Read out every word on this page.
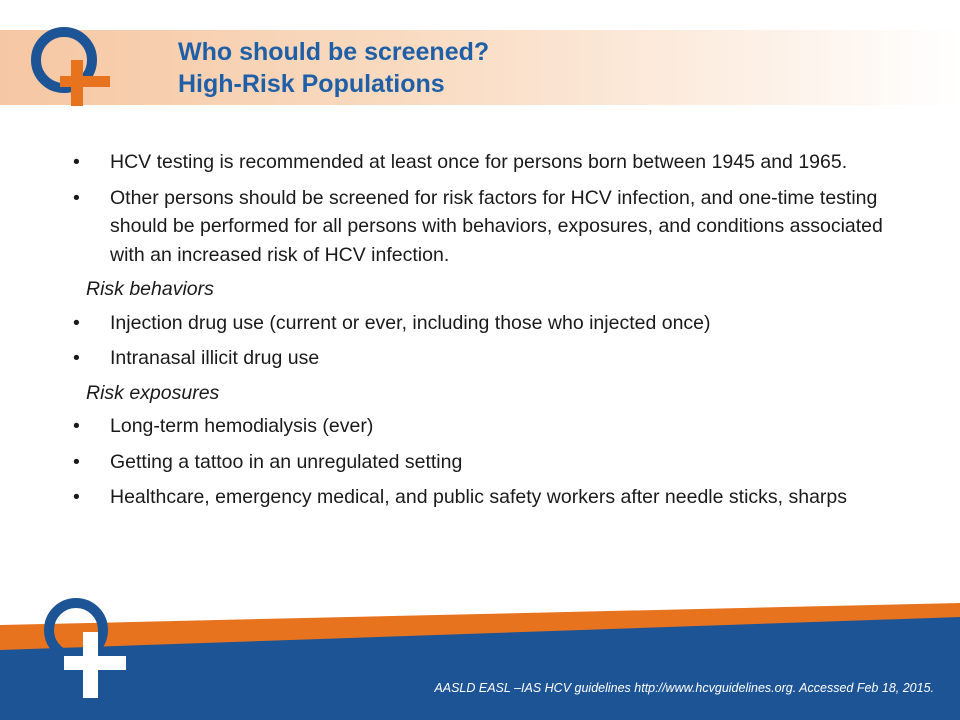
Who should be screened?
High-Risk Populations
•	HCV testing is recommended at least once for persons born between 1945 and 1965.
•	Other persons should be screened for risk factors for HCV infection, and one-time testing should be performed for all persons with behaviors, exposures, and conditions associated with an increased risk of HCV infection.
Risk behaviors
•	Injection drug use (current or ever, including those who injected once)
•	Intranasal illicit drug use
Risk exposures
•	Long-term hemodialysis (ever)
•	Getting a tattoo in an unregulated setting
•	Healthcare, emergency medical, and public safety workers after needle sticks, sharps
AASLD EASL –IAS HCV guidelines http://www.hcvguidelines.org. Accessed Feb 18, 2015.
